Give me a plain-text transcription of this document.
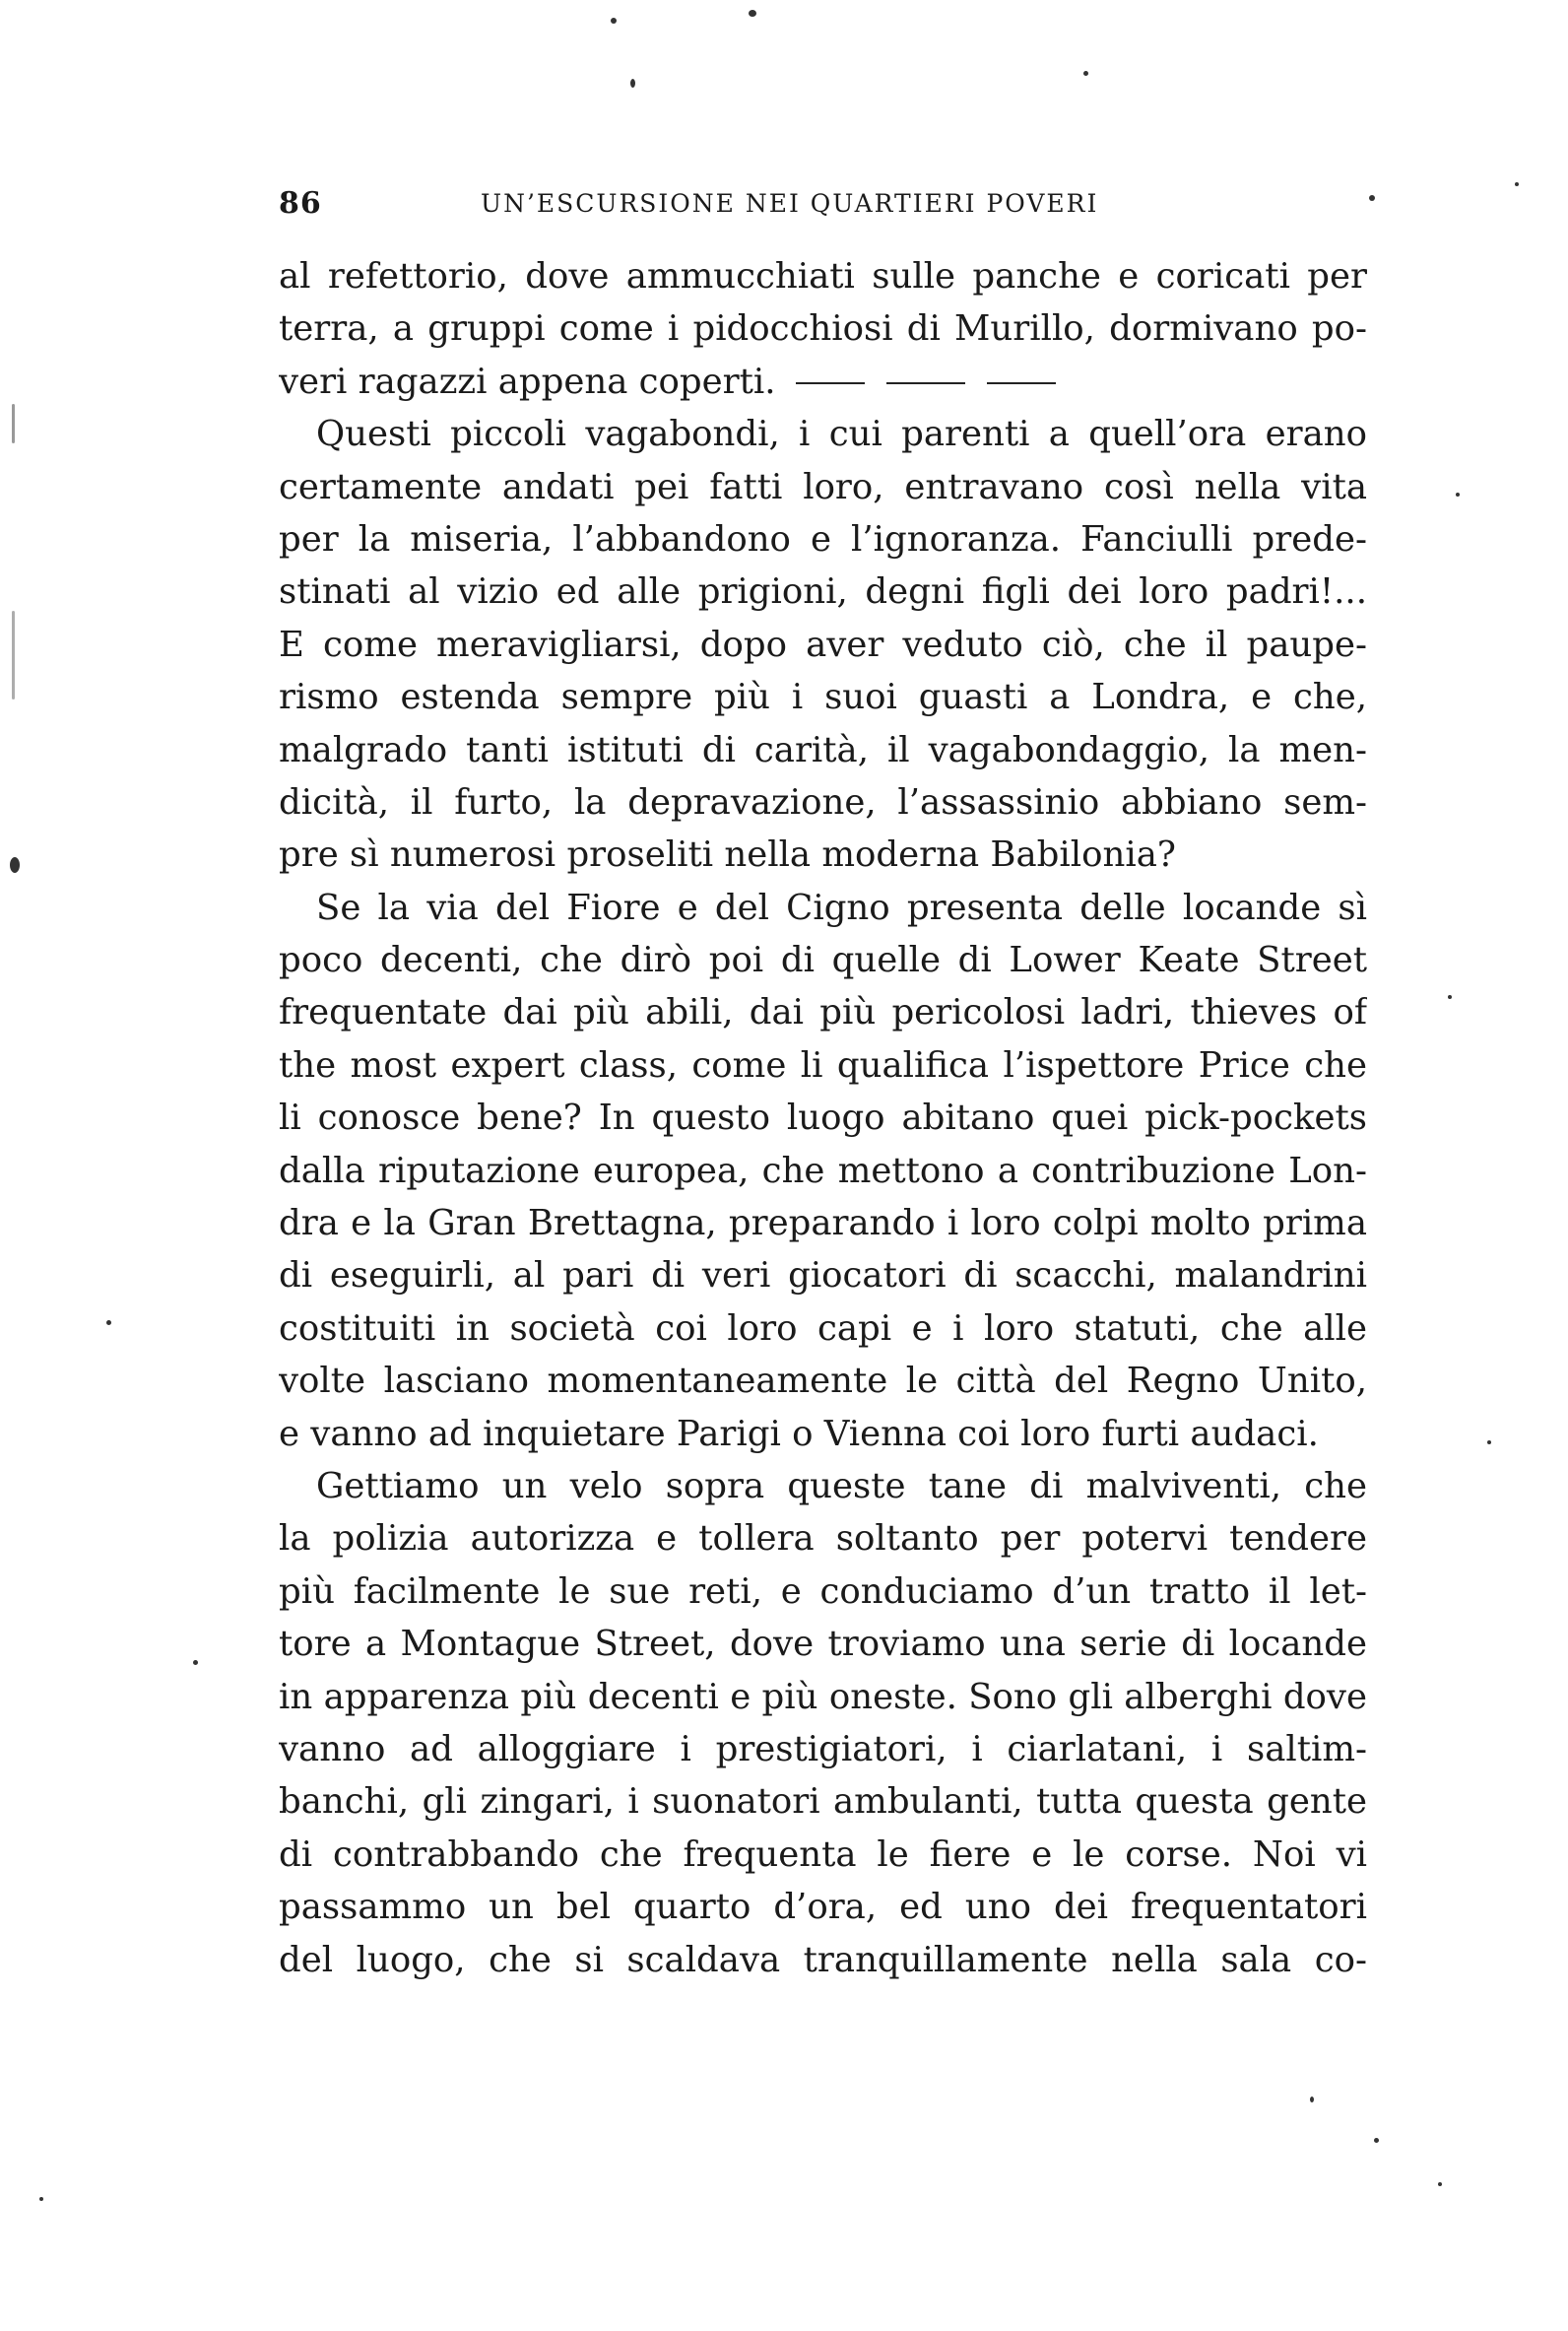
86	UN’ESCURSIONE NEI QUARTIERI POVERI
al refettorio, dove ammucchiati sulle panche e coricati per
terra, a gruppi come i pidocchiosi di Murillo, dormivano po-
veri ragazzi appena coperti.
Questi piccoli vagabondi, i cui parenti a quell’ora erano
certamente andati pei fatti loro, entravano così nella vita
per la miseria, l’abbandono e l’ignoranza. Fanciulli prede-
stinati al vizio ed alle prigioni, degni figli dei loro padri!...
E come meravigliarsi, dopo aver veduto ciò, che il paupe-
rismo estenda sempre più i suoi guasti a Londra, e che,
malgrado tanti istituti di carità, il vagabondaggio, la men-
dicità, il furto, la depravazione, l’assassinio abbiano sem-
pre sì numerosi proseliti nella moderna Babilonia?
Se la via del Fiore e del Cigno presenta delle locande sì
poco decenti, che dirò poi di quelle di Lower Keate Street
frequentate dai più abili, dai più pericolosi ladri, thieves of
the most expert class, come li qualifica l’ispettore Price che
li conosce bene? In questo luogo abitano quei pick-pockets
dalla riputazione europea, che mettono a contribuzione Lon-
dra e la Gran Brettagna, preparando i loro colpi molto prima
di eseguirli, al pari di veri giocatori di scacchi, malandrini
costituiti in società coi loro capi e i loro statuti, che alle
volte lasciano momentaneamente le città del Regno Unito,
e vanno ad inquietare Parigi o Vienna coi loro furti audaci.
Gettiamo un velo sopra queste tane di malviventi, che
la polizia autorizza e tollera soltanto per potervi tendere
più facilmente le sue reti, e conduciamo d’un tratto il let-
tore a Montague Street, dove troviamo una serie di locande
in apparenza più decenti e più oneste. Sono gli alberghi dove
vanno ad alloggiare i prestigiatori, i ciarlatani, i saltim-
banchi, gli zingari, i suonatori ambulanti, tutta questa gente
di contrabbando che frequenta le fiere e le corse. Noi vi
passammo un bel quarto d’ora, ed uno dei frequentatori
del luogo, che si scaldava tranquillamente nella sala co-
